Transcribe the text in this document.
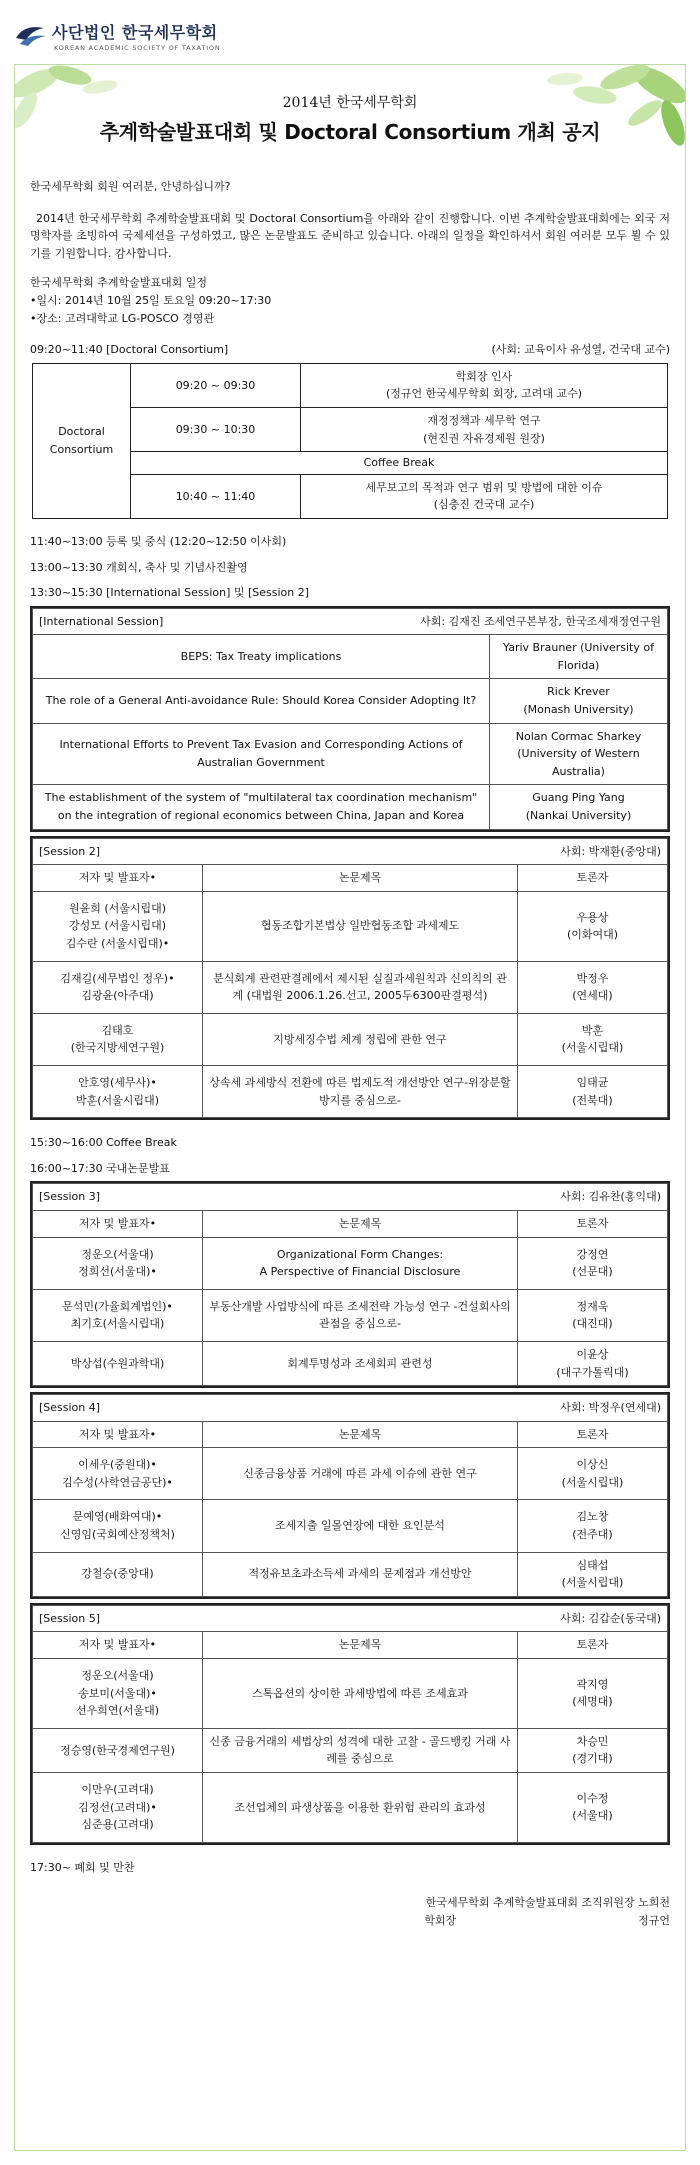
사단법인 한국세무학회
KOREAN ACADEMIC SOCIETY OF TAXATION
2014년 한국세무학회
추계학술발표대회 및 Doctoral Consortium 개최 공지

한국세무학회 회원 여러분, 안녕하십니까?

2014년 한국세무학회 추계학술발표대회 및 Doctoral Consortium을 아래와 같이 진행합니다. 이번 추계학술발표대회에는 외국 저명학자를 초빙하여 국제세션을 구성하였고, 많은 논문발표도 준비하고 있습니다. 아래의 일정을 확인하셔서 회원 여러분 모두 뵐 수 있기를 기원합니다. 감사합니다.

한국세무학회 추계학술발표대회 일정

•일시: 2014년 10월 25일 토요일 09:20~17:30

•장소: 고려대학교 LG-POSCO 경영관

09:20~11:40 [Doctoral Consortium]	(사회: 교육이사 유성열, 건국대 교수)
Doctoral Consortium	09:20 ~ 09:30	학회장 인사
(정규언 한국세무학회 회장, 고려대 교수)
	09:30 ~ 10:30	재정정책과 세무학 연구
(현진권 자유경제원 원장)
	Coffee Break	
	10:40 ~ 11:40	세무보고의 목적과 연구 범위 및 방법에 대한 이슈
(심충진 건국대 교수)

11:40~13:00 등록 및 중식 (12:20~12:50 이사회)

13:00~13:30 개회식, 축사 및 기념사진촬영

13:30~15:30 [International Session] 및 [Session 2]

[International Session] 사회: 김재진 조세연구본부장, 한국조세재정연구원	

BEPS: Tax Treaty implications	Yariv Brauner (University of Florida)
The role of a General Anti-avoidance Rule: Should Korea Consider Adopting It?	Rick Krever
(Monash University)
International Efforts to Prevent Tax Evasion and Corresponding Actions of Australian Government	Nolan Cormac Sharkey
(University of Western Australia)
The establishment of the system of "multilateral tax coordination mechanism" on the integration of regional economics between China, Japan and Korea	Guang Ping Yang
(Nankai University)
[Session 2] 사회: 박재환(중앙대)		

저자 및 발표자•	논문제목	토론자
원윤희 (서울시립대)
강성모 (서울시립대)
김수란 (서울시립대)•	협동조합기본법상 일반협동조합 과세제도	우용상
(이화여대)
김재길(세무법인 정우)•
김광윤(아주대)	분식회계 관련판결례에서 제시된 실질과세원칙과 신의칙의 관계 (대법원 2006.1.26.선고, 2005두6300판결평석)	박정우
(연세대)
김태호
(한국지방세연구원)	지방세징수법 체계 정립에 관한 연구	박훈
(서울시립대)
안호영(세무사)•
박훈(서울시립대)	상속세 과세방식 전환에 따른 법제도적 개선방안 연구-위장분할 방지를 중심으로-	임태균
(전북대)

15:30~16:00 Coffee Break

16:00~17:30 국내논문발표

[Session 3] 사회: 김유찬(홍익대)		

저자 및 발표자•	논문제목	토론자
정운오(서울대)
정희선(서울대)•	Organizational Form Changes:
A Perspective of Financial Disclosure	강정연
(선문대)
문석민(가율회계법인)•
최기호(서울시립대)	부동산개발 사업방식에 따른 조세전략 가능성 연구 -건설회사의 관점을 중심으로-	정재욱
(대진대)
박상섭(수원과학대)	회계투명성과 조세회피 관련성	이윤상
(대구가톨릭대)
[Session 4] 사회: 박정우(연세대)		

저자 및 발표자•	논문제목	토론자
이세우(중원대)•
김수성(사학연금공단)•	신종금융상품 거래에 따른 과세 이슈에 관한 연구	이상신
(서울시립대)
문예영(배화여대)•
신영임(국회예산정책처)	조세지출 일몰연장에 대한 요인분석	김노창
(전주대)
강철승(중앙대)	적정유보초과소득세 과세의 문제점과 개선방안	심태섭
(서울시립대)
[Session 5] 사회: 김갑순(동국대)		

저자 및 발표자•	논문제목	토론자
정운오(서울대)
송보미(서울대)•
선우희연(서울대)	스톡옵션의 상이한 과세방법에 따른 조세효과	곽지영
(세명대)
정승영(한국경제연구원)	신종 금융거래의 세법상의 성격에 대한 고찰 - 골드뱅킹 거래 사례를 중심으로	차승민
(경기대)
이만우(고려대)
김정선(고려대)•
심준용(고려대)	조선업체의 파생상품을 이용한 환위험 관리의 효과성	이수정
(서울대)

17:30~ 폐회 및 만찬

한국세무학회 추계학술발표대회 조직위원장 노희천
학회장	정규언
